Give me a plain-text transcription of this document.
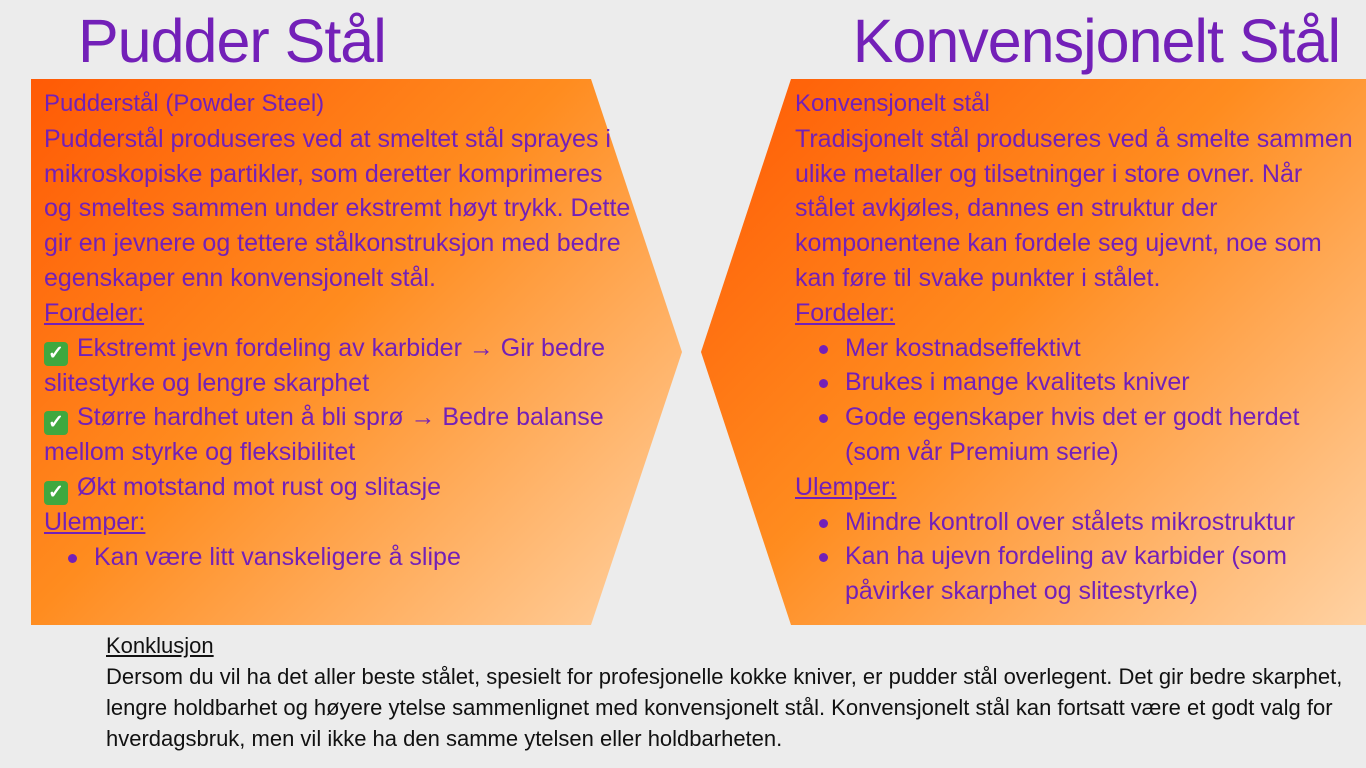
Pudder Stål	Konvensjonelt Stål

Pudderstål (Powder Steel)

Pudderstål produseres ved at smeltet stål sprayes i mikroskopiske partikler, som deretter komprimeres og smeltes sammen under ekstremt høyt trykk. Dette gir en jevnere og tettere stålkonstruksjon med bedre egenskaper enn konvensjonelt stål.

Fordeler:

✓ Ekstremt jevn fordeling av karbider → Gir bedre slitestyrke og lengre skarphet
✓ Større hardhet uten å bli sprø → Bedre balanse mellom styrke og fleksibilitet
✓ Økt motstand mot rust og slitasje

Ulemper:

Kan være litt vanskeligere å slipe

Konvensjonelt stål

Tradisjonelt stål produseres ved å smelte sammen ulike metaller og tilsetninger i store ovner. Når stålet avkjøles, dannes en struktur der komponentene kan fordele seg ujevnt, noe som kan føre til svake punkter i stålet.

Fordeler:

Mer kostnadseffektivt
Brukes i mange kvalitets kniver
Gode egenskaper hvis det er godt herdet (som vår Premium serie)

Ulemper:

Mindre kontroll over stålets mikrostruktur
Kan ha ujevn fordeling av karbider (som påvirker skarphet og slitestyrke)

Konklusjon

Dersom du vil ha det aller beste stålet, spesielt for profesjonelle kokke kniver, er pudder stål overlegent. Det gir bedre skarphet, lengre holdbarhet og høyere ytelse sammenlignet med konvensjonelt stål. Konvensjonelt stål kan fortsatt være et godt valg for hverdagsbruk, men vil ikke ha den samme ytelsen eller holdbarheten.
